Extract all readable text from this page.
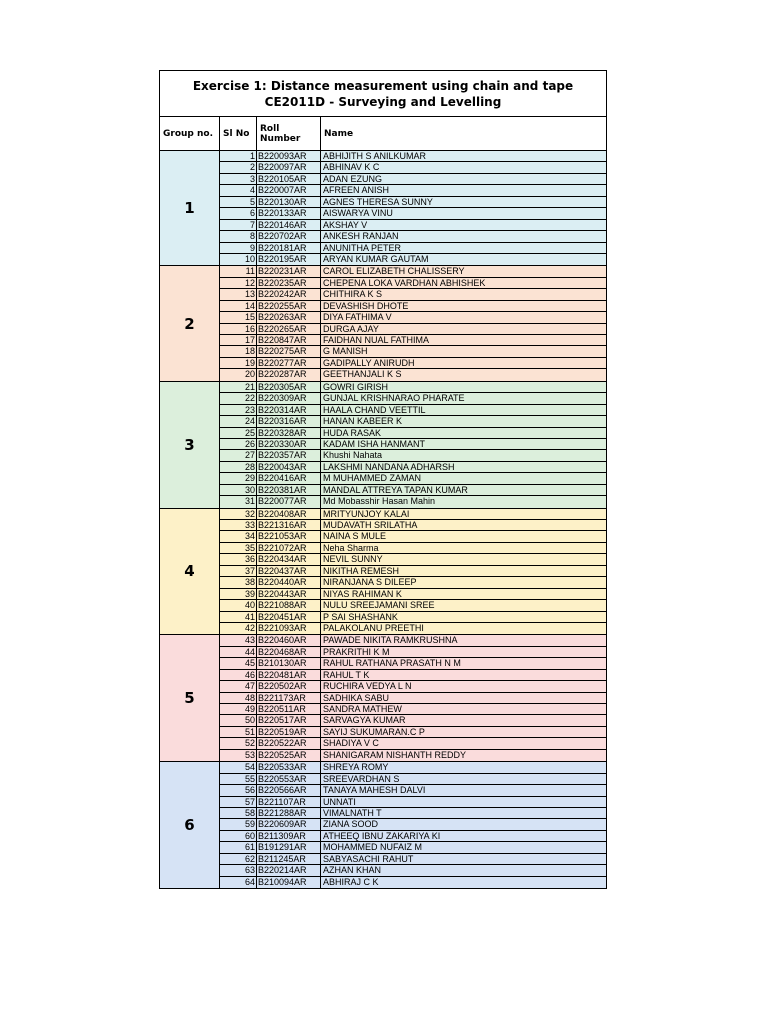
Exercise 1: Distance measurement using chain and tape
CE2011D - Surveying and Levelling
Group no.	Sl No	Roll Number	Name
1
1 B220093AR	ABHIJITH S ANILKUMAR
2 B220097AR	ABHINAV K C
3 B220105AR	ADAN EZUNG
4 B220007AR	AFREEN ANISH
5 B220130AR	AGNES THERESA SUNNY
6 B220133AR	AISWARYA VINU
7 B220146AR	AKSHAY V
8 B220702AR	ANKESH RANJAN
9 B220181AR	ANUNITHA PETER
10 B220195AR	ARYAN KUMAR GAUTAM
2
11 B220231AR	CAROL ELIZABETH CHALISSERY
12 B220235AR	CHEPENA LOKA VARDHAN ABHISHEK
13 B220242AR	CHITHIRA K S
14 B220255AR	DEVASHISH DHOTE
15 B220263AR	DIYA FATHIMA V
16 B220265AR	DURGA AJAY
17 B220847AR	FAIDHAN NUAL FATHIMA
18 B220275AR	G MANISH
19 B220277AR	GADIPALLY ANIRUDH
20 B220287AR	GEETHANJALI K S
3
21 B220305AR	GOWRI GIRISH
22 B220309AR	GUNJAL KRISHNARAO PHARATE
23 B220314AR	HAALA CHAND VEETTIL
24 B220316AR	HANAN KABEER K
25 B220328AR	HUDA RASAK
26 B220330AR	KADAM ISHA HANMANT
27 B220357AR	Khushi Nahata
28 B220043AR	LAKSHMI NANDANA ADHARSH
29 B220416AR	M MUHAMMED ZAMAN
30 B220381AR	MANDAL ATTREYA TAPAN KUMAR
31 B220077AR	Md Mobasshir Hasan Mahin
4
32 B220408AR	MRITYUNJOY KALAI
33 B221316AR	MUDAVATH SRILATHA
34 B221053AR	NAINA S MULE
35 B221072AR	Neha Sharma
36 B220434AR	NEVIL SUNNY
37 B220437AR	NIKITHA REMESH
38 B220440AR	NIRANJANA S DILEEP
39 B220443AR	NIYAS RAHIMAN K
40 B221088AR	NULU SREEJAMANI SREE
41 B220451AR	P SAI SHASHANK
42 B221093AR	PALAKOLANU PREETHI
5
43 B220460AR	PAWADE NIKITA RAMKRUSHNA
44 B220468AR	PRAKRITHI K M
45 B210130AR	RAHUL RATHANA PRASATH N M
46 B220481AR	RAHUL T K
47 B220502AR	RUCHIRA VEDYA L N
48 B221173AR	SADHIKA SABU
49 B220511AR	SANDRA MATHEW
50 B220517AR	SARVAGYA KUMAR
51 B220519AR	SAYIJ SUKUMARAN.C P
52 B220522AR	SHADIYA V C
53 B220525AR	SHANIGARAM NISHANTH REDDY
6
54 B220533AR	SHREYA ROMY
55 B220553AR	SREEVARDHAN S
56 B220566AR	TANAYA MAHESH DALVI
57 B221107AR	UNNATI
58 B221288AR	VIMALNATH T
59 B220609AR	ZIANA SOOD
60 B211309AR	ATHEEQ IBNU ZAKARIYA KI
61 B191291AR	MOHAMMED NUFAIZ M
62 B211245AR	SABYASACHI RAHUT
63 B220214AR	AZHAN KHAN
64 B210094AR	ABHIRAJ C K
